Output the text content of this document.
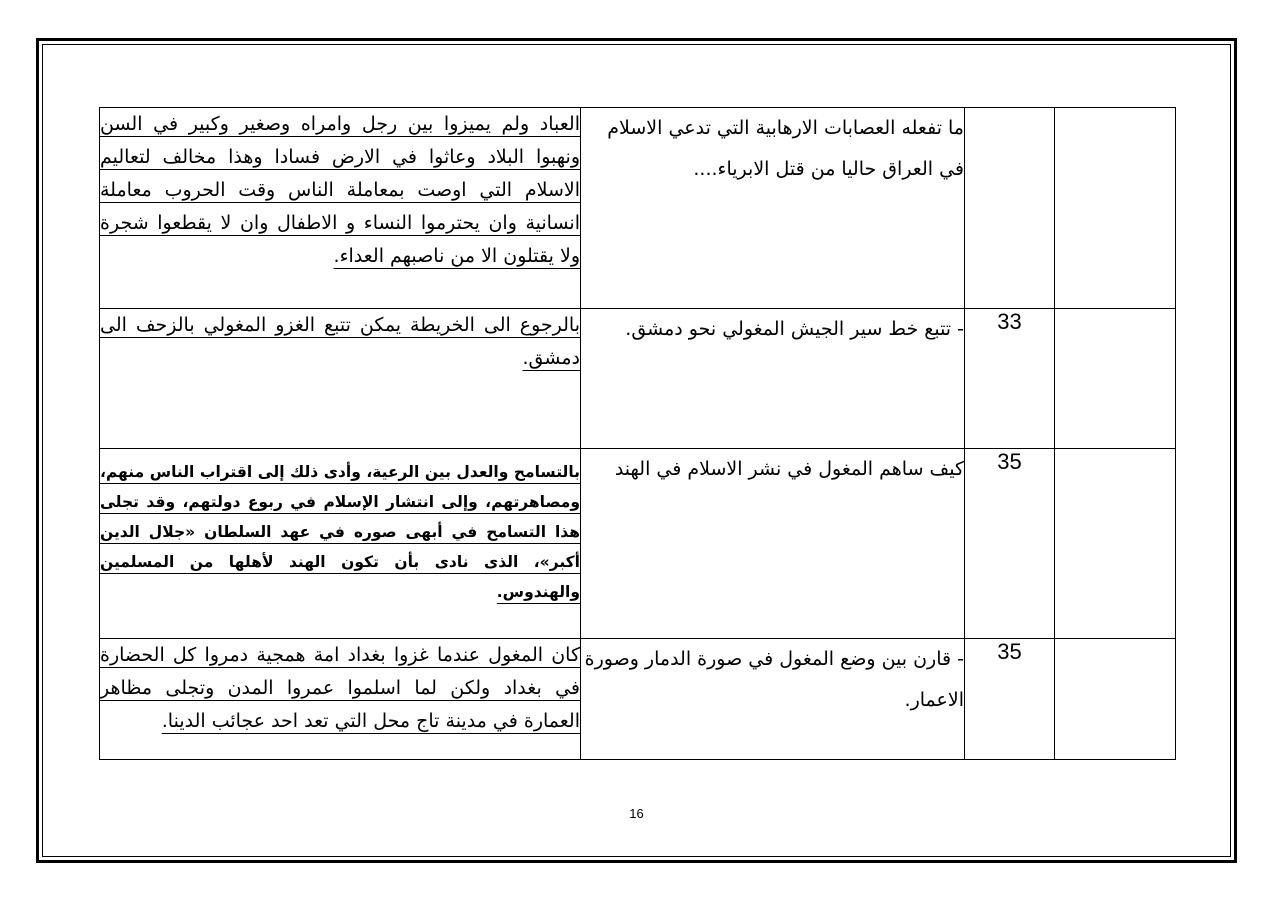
العباد ولم يميزوا بين رجل وامراه وصغير وكبير في السن ونهبوا البلاد وعاثوا في الارض فسادا وهذا مخالف لتعاليم الاسلام التي اوصت بمعاملة الناس وقت الحروب معاملة انسانية وان يحترموا النساء و الاطفال وان لا يقطعوا شجرة ولا يقتلون الا من ناصبهم العداء.	ما تفعله العصابات الارهابية التي تدعي الاسلام في العراق حاليا من قتل الابرياء....		
بالرجوع الى الخريطة يمكن تتبع الغزو المغولي بالزحف الى دمشق.	- تتبع خط سير الجيش المغولي نحو دمشق.	33	
بالتسامح والعدل بين الرعية، وأدى ذلك إلى اقتراب الناس منهم، ومصاهرتهم، وإلى انتشار الإسلام في ربوع دولتهم، وقد تجلى هذا التسامح في أبهى صوره في عهد السلطان «جلال الدين أكبر»، الذى نادى بأن تكون الهند لأهلها من المسلمين والهندوس.	كيف ساهم المغول في نشر الاسلام في الهند	35	
كان المغول عندما غزوا بغداد امة همجية دمروا كل الحضارة في بغداد ولكن لما اسلموا عمروا المدن وتجلى مظاهر العمارة في مدينة تاج محل التي تعد احد عجائب الدينا.	- قارن بين وضع المغول في صورة الدمار وصورة الاعمار.	35	
16
